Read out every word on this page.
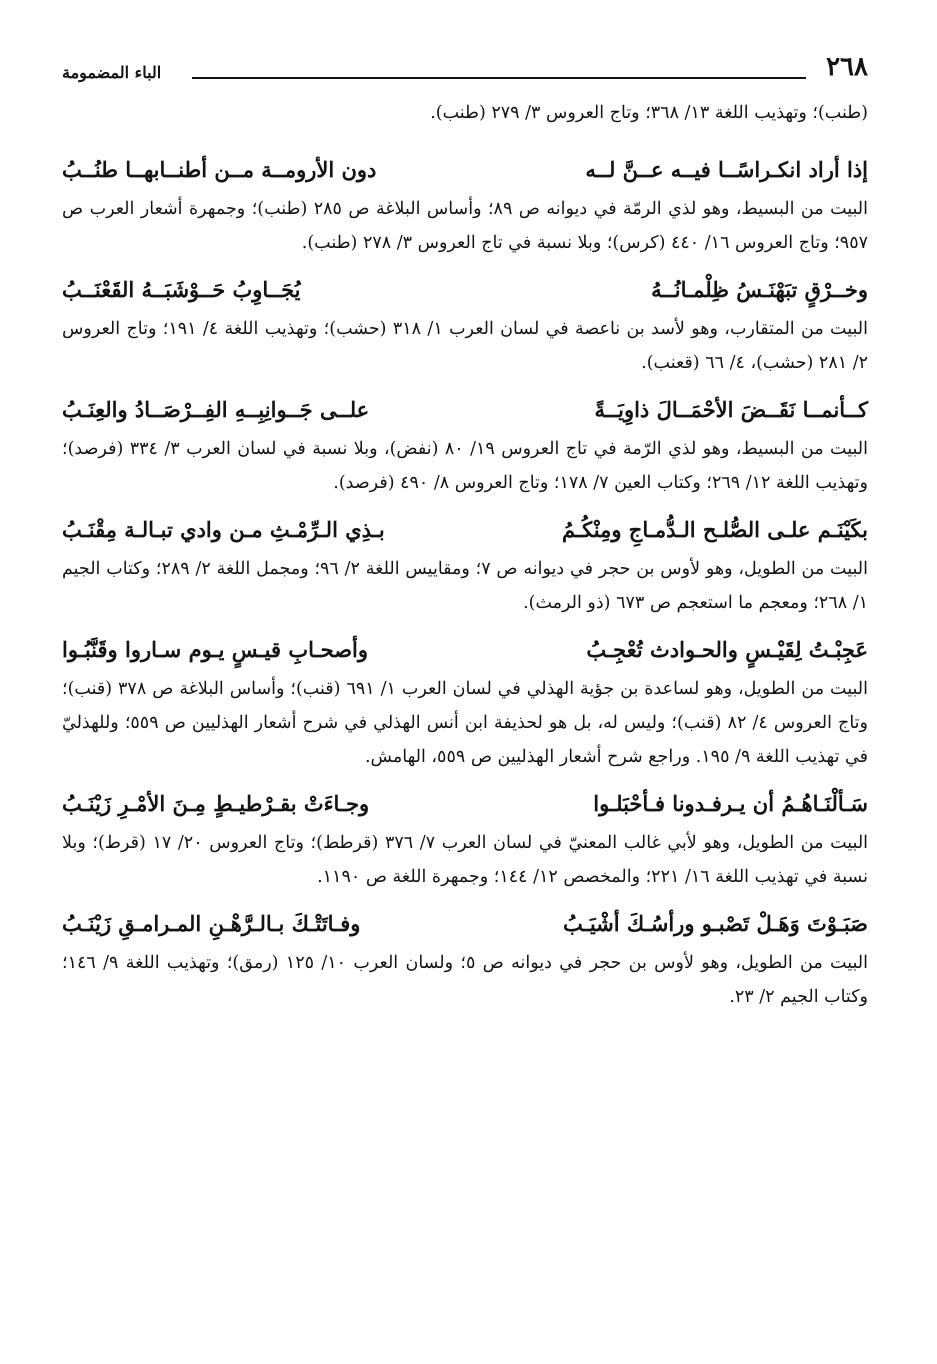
٢٦٨
الباء المضمومة

(طنب)؛ وتهذيب اللغة ١٣/ ٣٦٨؛ وتاج العروس ٣/ ٢٧٩ (طنب).

إذا أراد انكـراسًــا فيــه عــنَّ لــه
دون الأرومــة مــن أطنــابهــا طنُــبُ

البيت من البسيط، وهو لذي الرمّة في ديوانه ص ٨٩؛ وأساس البلاغة ص ٢٨٥ (طنب)؛ وجمهرة أشعار العرب ص ٩٥٧؛ وتاج العروس ١٦/ ٤٤٠ (كرس)؛ وبلا نسبة في تاج العروس ٣/ ٢٧٨ (طنب).

وخــرْقٍ تبَهْنَـسُ ظِلْمـانُــهُ
يُجَــاوِبُ حَــوْشَبَــهُ القَعْنَــبُ

البيت من المتقارب، وهو لأسد بن ناعصة في لسان العرب ١/ ٣١٨ (حشب)؛ وتهذيب اللغة ٤/ ١٩١؛ وتاج العروس ٢/ ٢٨١ (حشب)، ٤/ ٦٦ (قعنب).

كــأنمــا نَقَــضَ الأحْمَــالَ ذاوِيَــةً
علــى جَــوانِبِــهِ الفِــرْصَــادُ والعِنَـبُ

البيت من البسيط، وهو لذي الرّمة في تاج العروس ١٩/ ٨٠ (نفض)، وبلا نسبة في لسان العرب ٣/ ٣٣٤ (فرصد)؛ وتهذيب اللغة ١٢/ ٢٦٩؛ وكتاب العين ٧/ ١٧٨؛ وتاج العروس ٨/ ٤٩٠ (فرصد).

بكَيْنَـم علـى الصُّلـح الـدُّمـاجِ ومِنْكُـمُ
بـذِي الـرِّمْـثِ مـن وادي تبـالـة مِقْنَـبُ

البيت من الطويل، وهو لأوس بن حجر في ديوانه ص ٧؛ ومقاييس اللغة ٢/ ٩٦؛ ومجمل اللغة ٢/ ٢٨٩؛ وكتاب الجيم ١/ ٢٦٨؛ ومعجم ما استعجم ص ٦٧٣ (ذو الرمث).

عَجِبْـتُ لِقَيْـسٍ والحـوادث تُعْجِـبُ
وأصحـابِ قيـسٍ يـوم سـاروا وقَنَّبُـوا

البيت من الطويل، وهو لساعدة بن جؤية الهذلي في لسان العرب ١/ ٦٩١ (قنب)؛ وأساس البلاغة ص ٣٧٨ (قنب)؛ وتاج العروس ٤/ ٨٢ (قنب)؛ وليس له، بل هو لحذيفة ابن أنس الهذلي في شرح أشعار الهذليين ص ٥٥٩؛ وللهذليّ في تهذيب اللغة ٩/ ١٩٥. وراجع شرح أشعار الهذليين ص ٥٥٩، الهامش.

سَـألْنَـاهُـمُ أن يـرفـدونا فـأحْبَلـوا
وجـاءَتْ بقـرْطيـطٍ مِـنَ الأمْـرِ زَيْنَـبُ

البيت من الطويل، وهو لأبي غالب المعنيّ في لسان العرب ٧/ ٣٧٦ (قرطط)؛ وتاج العروس ٢٠/ ١٧ (قرط)؛ وبلا نسبة في تهذيب اللغة ١٦/ ٢٢١؛ والمخصص ١٢/ ١٤٤؛ وجمهرة اللغة ص ١١٩٠.

صَبَـوْتَ وَهَـلْ تَصْبـو ورأسُـكَ أشْيَـبُ
وفـاتَتْـكَ بـالـرَّهْـنِ المـرامـقِ زَيْنَـبُ

البيت من الطويل، وهو لأوس بن حجر في ديوانه ص ٥؛ ولسان العرب ١٠/ ١٢٥ (رمق)؛ وتهذيب اللغة ٩/ ١٤٦؛ وكتاب الجيم ٢/ ٢٣.
